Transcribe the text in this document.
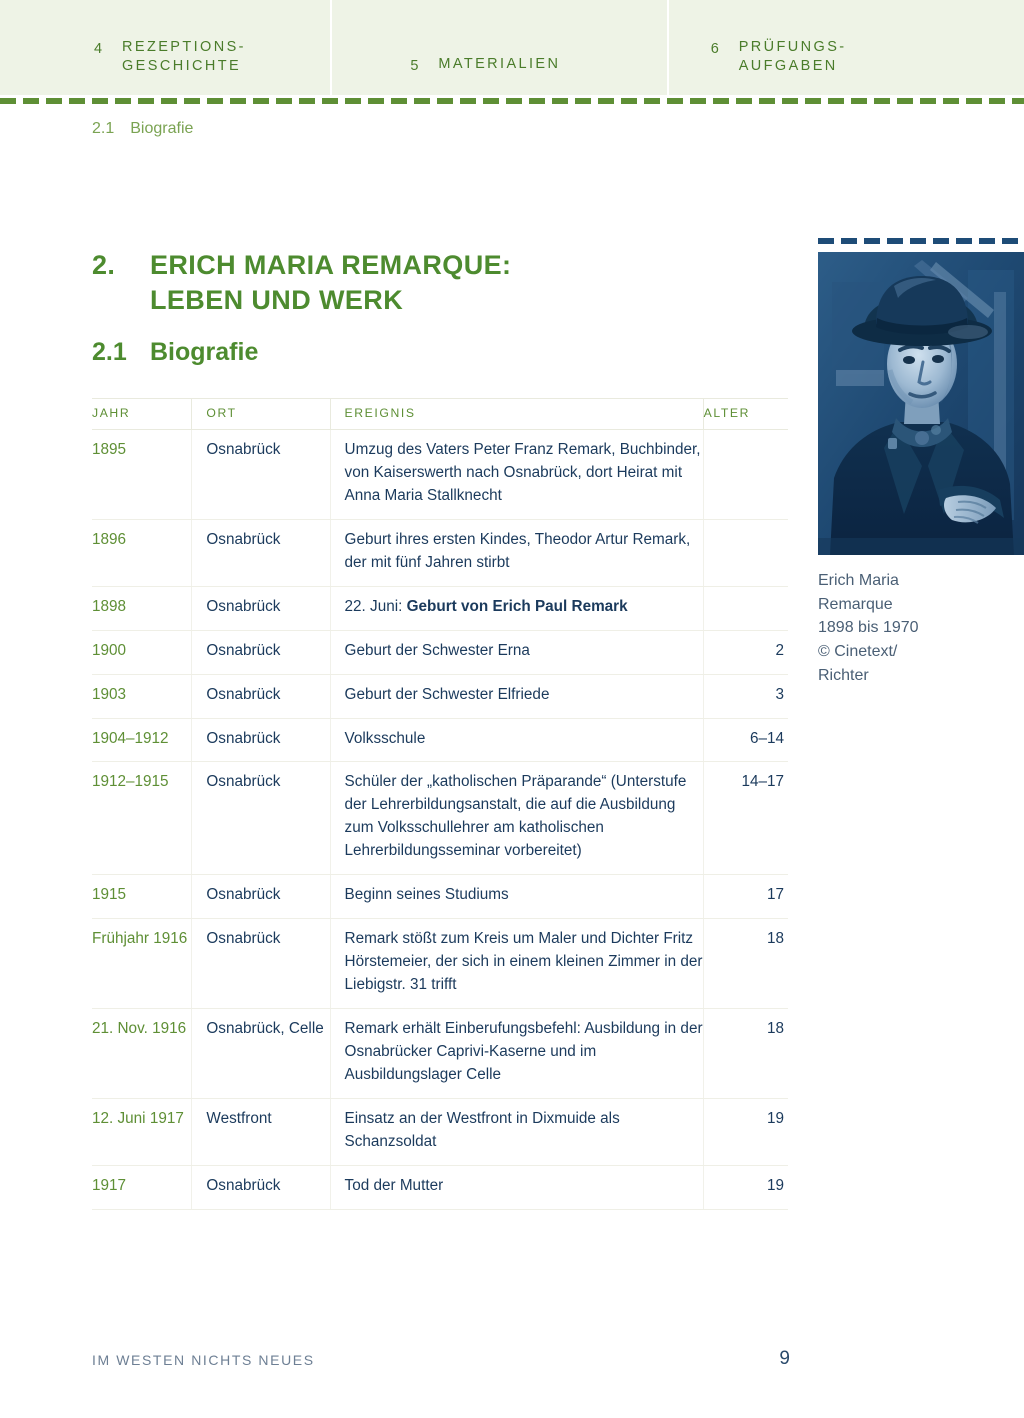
4 REZEPTIONS-
GESCHICHTE	5 MATERIALIEN
6 PRÜFUNGS-
AUFGABEN
2.1 Biografie
2. ERICH MARIA REMARQUE:
LEBEN UND WERK
2.1 Biografie
JAHR	ORT	EREIGNIS	ALTER
1895	Osnabrück	Umzug des Vaters Peter Franz Remark, Buchbinder, von Kaiserswerth nach Osnabrück, dort Heirat mit Anna Maria Stallknecht	
1896	Osnabrück	Geburt ihres ersten Kindes, Theodor Artur Remark, der mit fünf Jahren stirbt	
1898	Osnabrück	22. Juni: Geburt von Erich Paul Remark	
1900	Osnabrück	Geburt der Schwester Erna	2
1903	Osnabrück	Geburt der Schwester Elfriede	3
1904–1912	Osnabrück	Volksschule	6–14
1912–1915	Osnabrück	Schüler der „katholischen Präparande“ (Unterstufe der Lehrerbildungsanstalt, die auf die Ausbildung zum Volksschullehrer am katholischen Lehrerbildungsseminar vorbereitet)	14–17
1915	Osnabrück	Beginn seines Studiums	17
Frühjahr 1916	Osnabrück	Remark stößt zum Kreis um Maler und Dichter Fritz Hörstemeier, der sich in einem kleinen Zimmer in der Liebigstr. 31 trifft	18
21. Nov. 1916	Osnabrück, Celle	Remark erhält Einberufungsbefehl: Ausbildung in der Osnabrücker Caprivi-Kaserne und im Ausbildungslager Celle	18
12. Juni 1917	Westfront	Einsatz an der Westfront in Dixmuide als Schanzsoldat	19
1917	Osnabrück	Tod der Mutter	19
Erich Maria
Remarque
1898 bis 1970
© Cinetext/
Richter
IM WESTEN NICHTS NEUES	9
